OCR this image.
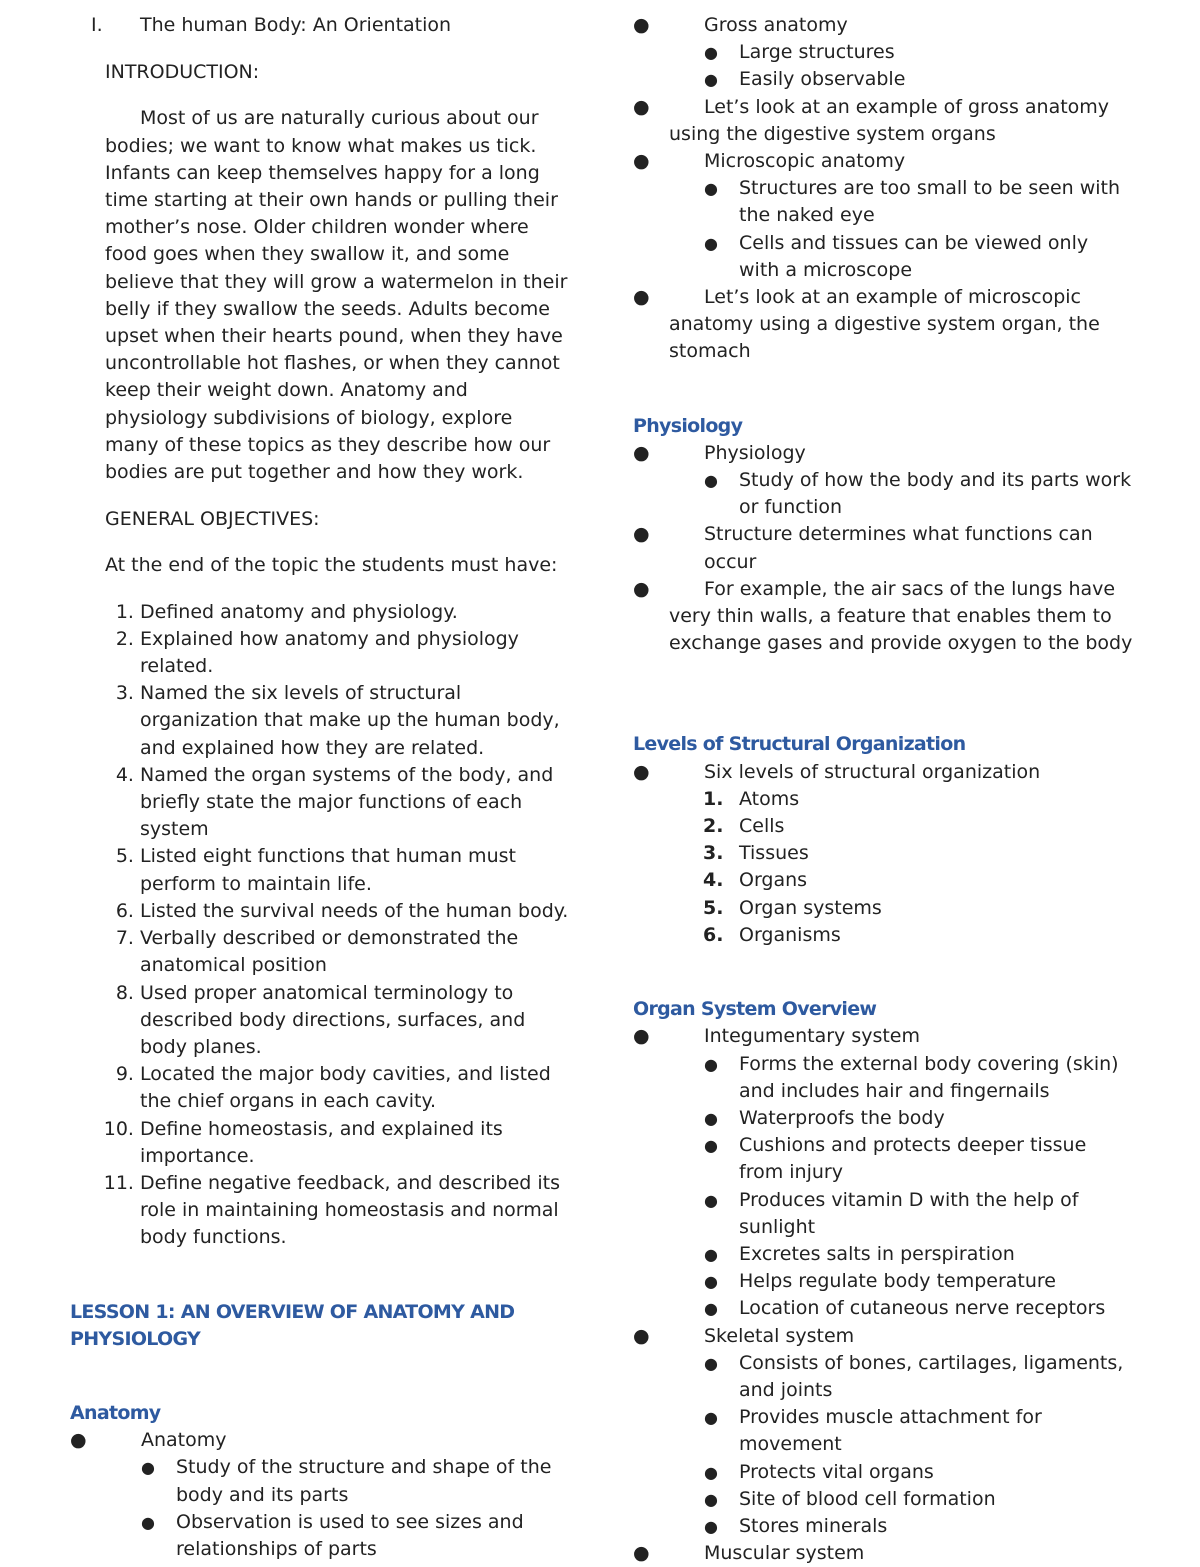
I. The human Body: An Orientation

INTRODUCTION:

Most of us are naturally curious about our bodies; we want to know what makes us tick. Infants can keep themselves happy for a long time starting at their own hands or pulling their mother’s nose. Older children wonder where food goes when they swallow it, and some believe that they will grow a watermelon in their belly if they swallow the seeds. Adults become upset when their hearts pound, when they have uncontrollable hot flashes, or when they cannot keep their weight down. Anatomy and physiology subdivisions of biology, explore many of these topics as they describe how our bodies are put together and how they work.

GENERAL OBJECTIVES:

At the end of the topic the students must have:

1. Defined anatomy and physiology.
2. Explained how anatomy and physiology related.
3. Named the six levels of structural organization that make up the human body, and explained how they are related.
4. Named the organ systems of the body, and briefly state the major functions of each system
5. Listed eight functions that human must perform to maintain life.
6. Listed the survival needs of the human body.
7. Verbally described or demonstrated the anatomical position
8. Used proper anatomical terminology to described body directions, surfaces, and body planes.
9. Located the major body cavities, and listed the chief organs in each cavity.
10. Define homeostasis, and explained its importance.
11. Define negative feedback, and described its role in maintaining homeostasis and normal body functions.

LESSON 1: AN OVERVIEW OF ANATOMY AND PHYSIOLOGY

Anatomy

●	Anatomy
● Study of the structure and shape of the body and its parts
● Observation is used to see sizes and relationships of parts
●	Gross anatomy
● Large structures
● Easily observable
●	Let’s look at an example of gross anatomy using the digestive system organs
●	Microscopic anatomy
● Structures are too small to be seen with the naked eye
● Cells and tissues can be viewed only with a microscope
●	Let’s look at an example of microscopic anatomy using a digestive system organ, the stomach

Physiology

●	Physiology
● Study of how the body and its parts work or function
●	Structure determines what functions can occur
●	For example, the air sacs of the lungs have very thin walls, a feature that enables them to exchange gases and provide oxygen to the body

Levels of Structural Organization

●	Six levels of structural organization
1. Atoms
2. Cells
3. Tissues
4. Organs
5. Organ systems
6. Organisms

Organ System Overview

●	Integumentary system
● Forms the external body covering (skin) and includes hair and fingernails
● Waterproofs the body
● Cushions and protects deeper tissue from injury
● Produces vitamin D with the help of sunlight
● Excretes salts in perspiration
● Helps regulate body temperature
● Location of cutaneous nerve receptors
●	Skeletal system
● Consists of bones, cartilages, ligaments, and joints
● Provides muscle attachment for movement
● Protects vital organs
● Site of blood cell formation
● Stores minerals
●	Muscular system
